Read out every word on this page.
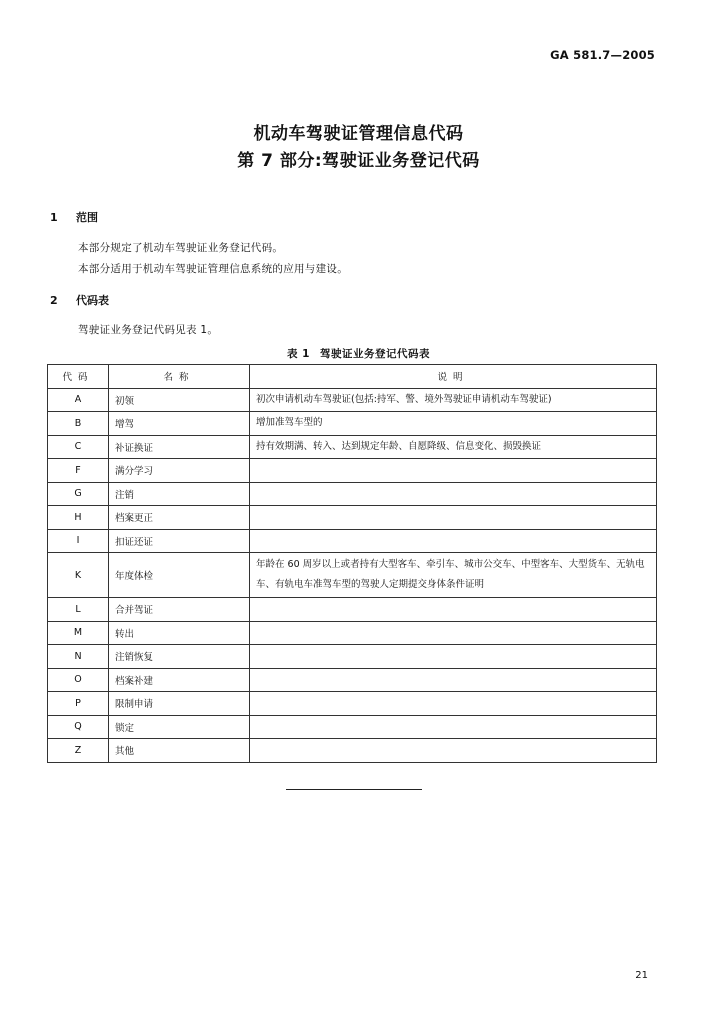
GA 581.7—2005
机动车驾驶证管理信息代码
第 7 部分:驾驶证业务登记代码
1 范围
本部分规定了机动车驾驶证业务登记代码。
本部分适用于机动车驾驶证管理信息系统的应用与建设。
2 代码表
驾驶证业务登记代码见表 1。
表 1 驾驶证业务登记代码表
代码	名称	说明
A	初领	初次申请机动车驾驶证(包括:持军、警、境外驾驶证申请机动车驾驶证)
B	增驾	增加准驾车型的
C	补证换证	持有效期满、转入、达到规定年龄、自愿降级、信息变化、损毁换证
F	满分学习	
G	注销	
H	档案更正	
I	扣证还证	
K	年度体检	年龄在 60 周岁以上或者持有大型客车、牵引车、城市公交车、中型客车、大型货车、无轨电车、有轨电车准驾车型的驾驶人定期提交身体条件证明
L	合并驾证	
M	转出	
N	注销恢复	
O	档案补建	
P	限制申请	
Q	锁定	
Z	其他	
21
